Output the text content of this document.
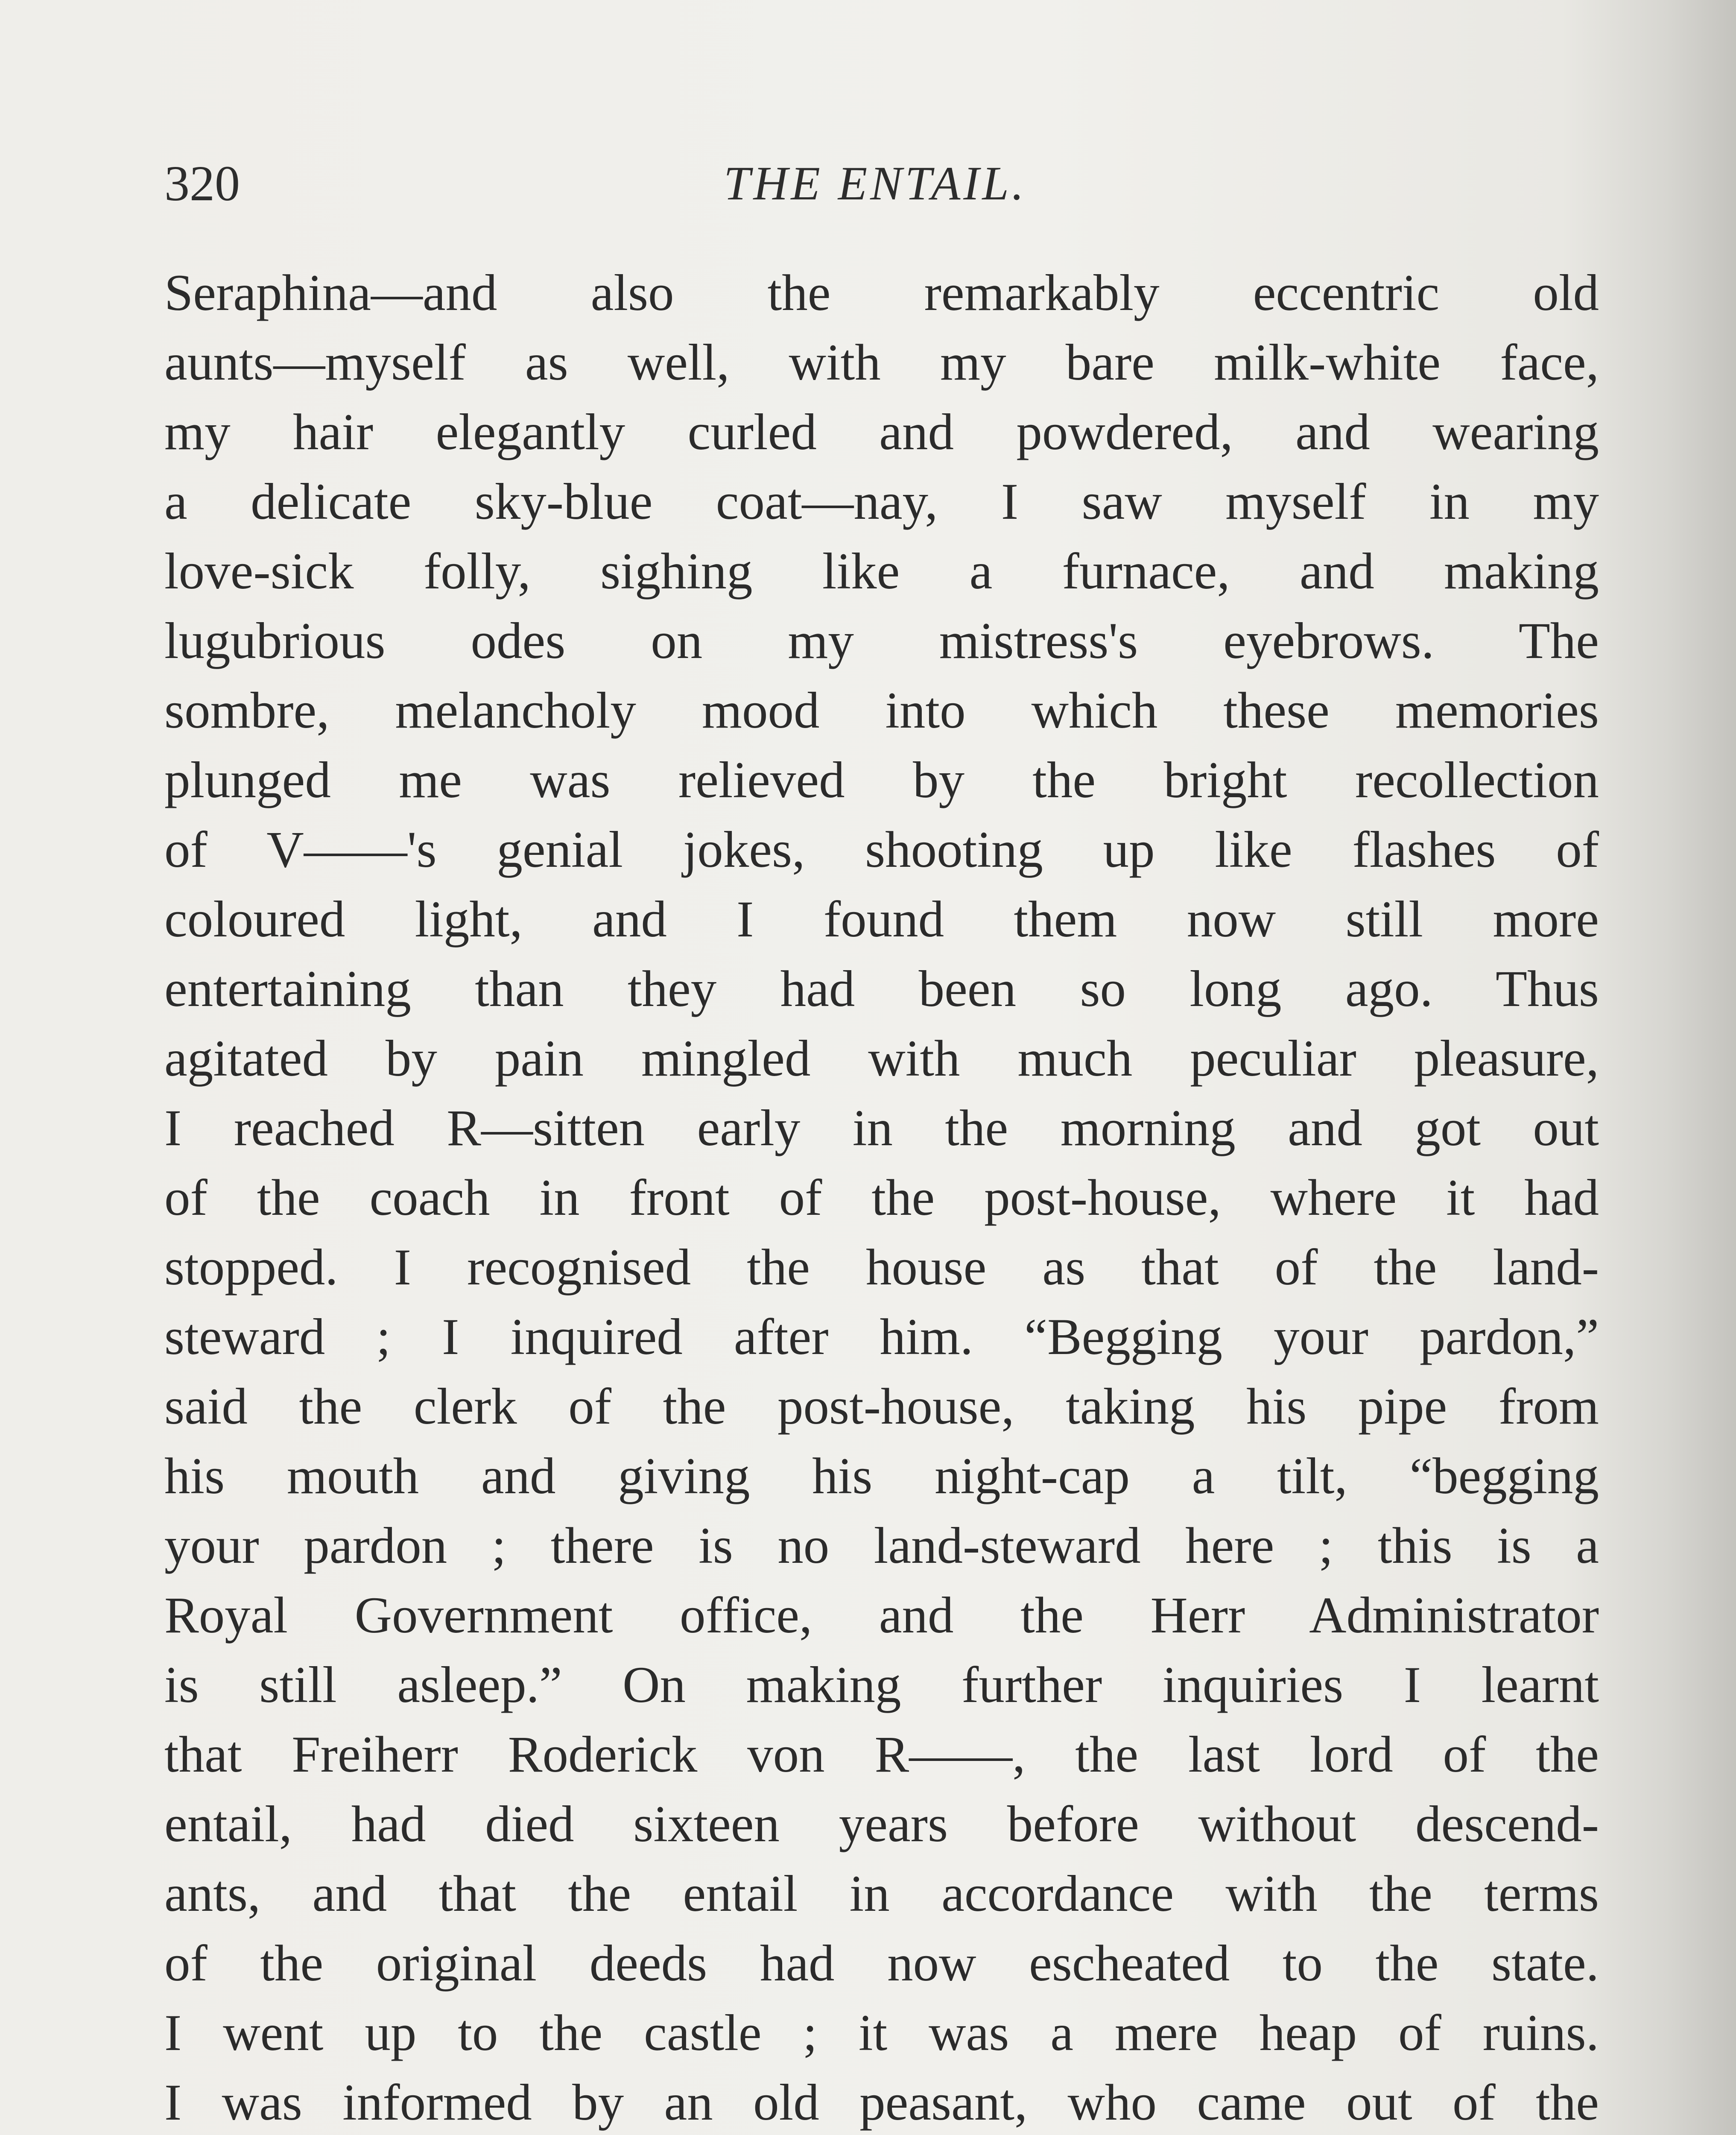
320	THE ENTAIL.
Seraphina—and also the remarkably eccentric old
aunts—myself as well, with my bare milk-white face,
my hair elegantly curled and powdered, and wearing
a delicate sky-blue coat—nay, I saw myself in my
love-sick folly, sighing like a furnace, and making
lugubrious odes on my mistress's eyebrows. The
sombre, melancholy mood into which these memories
plunged me was relieved by the bright recollection
of V——'s genial jokes, shooting up like flashes of
coloured light, and I found them now still more
entertaining than they had been so long ago. Thus
agitated by pain mingled with much peculiar pleasure,
I reached R—sitten early in the morning and got out
of the coach in front of the post-house, where it had
stopped. I recognised the house as that of the land-
steward ; I inquired after him. “Begging your pardon,”
said the clerk of the post-house, taking his pipe from
his mouth and giving his night-cap a tilt, “begging
your pardon ; there is no land-steward here ; this is a
Royal Government office, and the Herr Administrator
is still asleep.” On making further inquiries I learnt
that Freiherr Roderick von R——, the last lord of the
entail, had died sixteen years before without descend-
ants, and that the entail in accordance with the terms
of the original deeds had now escheated to the state.
I went up to the castle ; it was a mere heap of ruins.
I was informed by an old peasant, who came out of the
